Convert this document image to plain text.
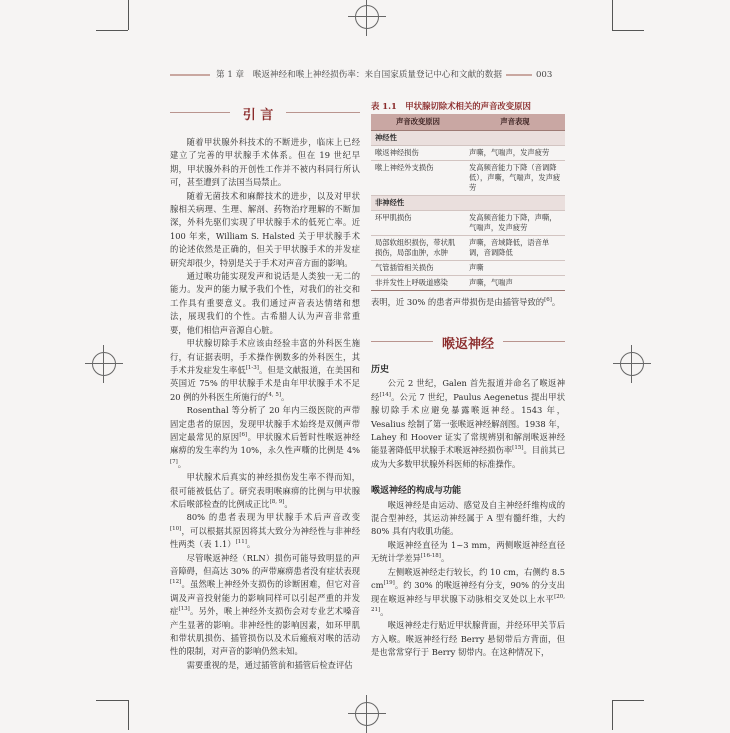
第 1 章　 喉返神经和喉上神经损伤率：来自国家质量登记中心和文献的数据	003
引 言

随着甲状腺外科技术的不断进步，临床上已经建立了完善的甲状腺手术体系。但在 19 世纪早期，甲状腺外科的开创性工作并不被内科同行所认可，甚至遭到了法国当局禁止。

随着无菌技术和麻醉技术的进步，以及对甲状腺相关病理、生理、解剖、药物治疗理解的不断加深，外科先驱们实现了甲状腺手术的低死亡率。近 100 年来，William S. Halsted 关于甲状腺手术的论述依然是正确的，但关于甲状腺手术的并发症研究却很少，特别是关于手术对声音方面的影响。

通过喉功能实现发声和说话是人类独一无二的能力。发声的能力赋予我们个性，对我们的社交和工作具有重要意义。我们通过声音表达情绪和想法，展现我们的个性。古希腊人认为声音非常重要，他们相信声音源自心脏。

甲状腺切除手术应该由经验丰富的外科医生施行，有证据表明，手术操作例数多的外科医生，其手术并发症发生率低[1-3]。但是文献报道，在美国和英国近 75% 的甲状腺手术是由年甲状腺手术不足 20 例的外科医生所施行的[4, 5]。

Rosenthal 等分析了 20 年内三级医院的声带固定患者的原因，发现甲状腺手术始终是双侧声带固定最常见的原因[6]。甲状腺术后暂时性喉返神经麻痹的发生率约为 10%，永久性声嘶的比例是 4%[7]。

甲状腺术后真实的神经损伤发生率不得而知，很可能被低估了。研究表明喉麻痹的比例与甲状腺术后喉部检查的比例成正比[8, 9]。

80% 的患者表现为甲状腺手术后声音改变[10]，可以根据其原因将其大致分为神经性与非神经性两类（表 1.1）[11]。

尽管喉返神经（RLN）损伤可能导致明显的声音障碍，但高达 30% 的声带麻痹患者没有症状表现[12]。虽然喉上神经外支损伤的诊断困难，但它对音调及声音投射能力的影响同样可以引起严重的并发症[13]。另外，喉上神经外支损伤会对专业艺术嗓音产生显著的影响。非神经性的影响因素，如环甲肌和带状肌损伤、插管损伤以及术后瘢痕对喉的活动性的限制，对声音的影响仍然未知。

需要重视的是，通过插管前和插管后检查评估

表 1.1　甲状腺切除术相关的声音改变原因
声音改变原因	声音表现
神经性	
喉返神经损伤	声嘶，气喘声，发声疲劳
喉上神经外支损伤	发高频音能力下降（音调降低），声嘶，气喘声，发声疲劳
非神经性	
环甲肌损伤	发高频音能力下降，声嘶，气喘声，发声疲劳
局部软组织损伤，带状肌损伤，局部血肿，水肿	声嘶，音域降低，语音单调，音调降低
气管插管相关损伤	声嘶
非并发性上呼吸道感染	声嘶，气喘声

表明，近 30% 的患者声带损伤是由插管导致的[6]。

喉返神经

历史

公元 2 世纪，Galen 首先报道并命名了喉返神经[14]。公元 7 世纪，Paulus Aegenetus 提出甲状腺切除手术应避免暴露喉返神经。1543 年，Vesalius 绘制了第一张喉返神经解剖图。1938 年，Lahey 和 Hoover 证实了常规辨别和解剖喉返神经能显著降低甲状腺手术喉返神经损伤率[15]。目前其已成为大多数甲状腺外科医师的标准操作。

喉返神经的构成与功能

喉返神经是由运动、感觉及自主神经纤维构成的混合型神经，其运动神经属于 A 型有髓纤维，大约 80% 具有内收肌功能。

喉返神经直径为 1~3 mm，两侧喉返神经直径无统计学差异[16-18]。

左侧喉返神经走行较长，约 10 cm，右侧约 8.5 cm[19]。约 30% 的喉返神经有分支，90% 的分支出现在喉返神经与甲状腺下动脉相交叉处以上水平[20, 21]。

喉返神经走行贴近甲状腺背面，并经环甲关节后方入喉。喉返神经行经 Berry 悬韧带后方背面，但是也常常穿行于 Berry 韧带内。在这种情况下，
